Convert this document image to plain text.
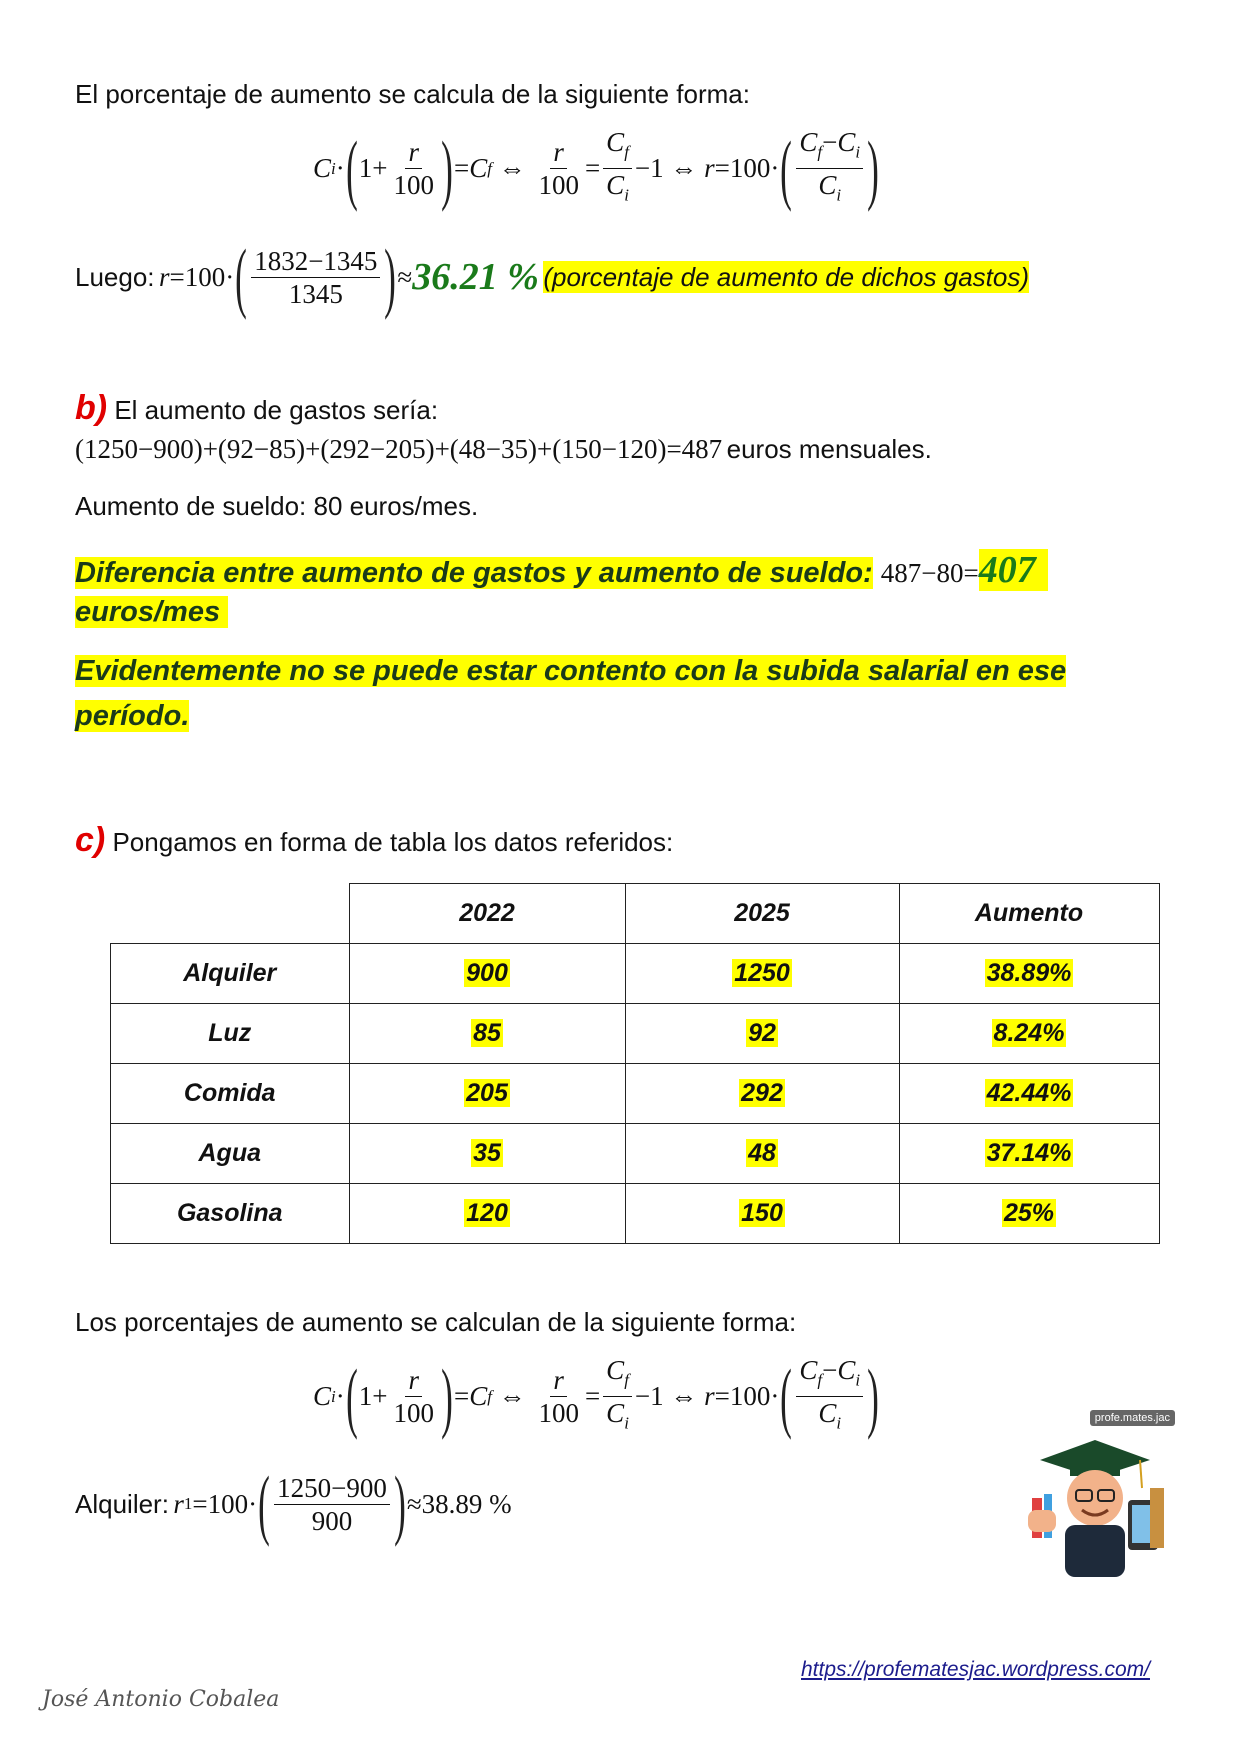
El porcentaje de aumento se calcula de la siguiente forma:
C i · ( $1+ \frac{r}{100}$ ) = C f ⇔ $\frac{r}{100} = \frac{C_f}{C_i} -1$ ⇔ r =100· ( $\frac{C_f-C_i}{C_i}$ )
Luego:
r =100· ( $\frac{1832-1345}{1345}$ ) ≈ 36.21 %
(porcentaje de aumento de dichos gastos)
b) El aumento de gastos sería:
(1250−900)+(92−85)+(292−205)+(48−35)+(150−120)=487 euros mensuales.
Aumento de sueldo: 80 euros/mes.
Diferencia entre aumento de gastos y aumento de sueldo: 487−80=407
euros/mes
Evidentemente no se puede estar contento con la subida salarial en ese
período.
c) Pongamos en forma de tabla los datos referidos:
	2022	2025	Aumento
Alquiler	900	1250	38.89%
Luz	85	92	8.24%
Comida	205	292	42.44%
Agua	35	48	37.14%
Gasolina	120	150	25%
Los porcentajes de aumento se calculan de la siguiente forma:
C i · ( $1+ \frac{r}{100}$ ) = C f ⇔ $\frac{r}{100} = \frac{C_f}{C_i} -1$ ⇔ r =100· ( $\frac{C_f-C_i}{C_i}$ )
Alquiler:
r 1 =100· ( $\frac{1250-900}{900}$ ) ≈38.89 %
profe.mates.jac
https://profematesjac.wordpress.com/
José Antonio Cobalea
